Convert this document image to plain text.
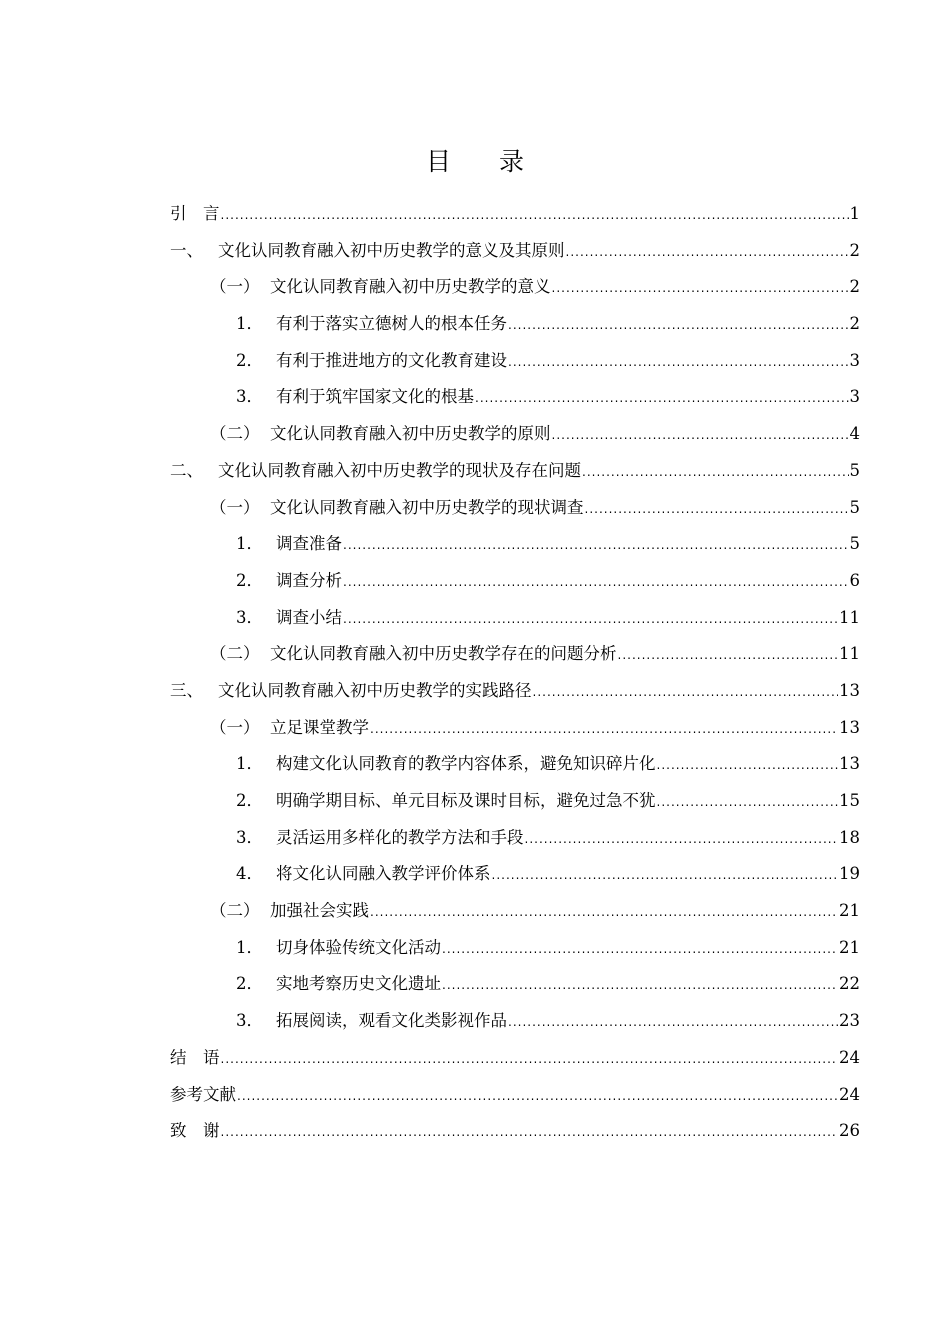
目录
引　言 .....	1
一、 文化认同教育融入初中历史教学的意义及其原则 .....	2
（一） 文化认同教育融入初中历史教学的意义 .....	2
1． 有利于落实立德树人的根本任务 .....	2
2． 有利于推进地方的文化教育建设 .....	3
3． 有利于筑牢国家文化的根基 .....	3
（二） 文化认同教育融入初中历史教学的原则 .....	4
二、 文化认同教育融入初中历史教学的现状及存在问题 .....	5
（一） 文化认同教育融入初中历史教学的现状调查 .....	5
1． 调查准备 .....	5
2． 调查分析 .....	6
3． 调查小结 .....	11
（二） 文化认同教育融入初中历史教学存在的问题分析 .....	11
三、 文化认同教育融入初中历史教学的实践路径 .....	13
（一） 立足课堂教学 .....	13
1． 构建文化认同教育的教学内容体系，避免知识碎片化 .....	13
2． 明确学期目标、单元目标及课时目标，避免过急不犹 .....	15
3． 灵活运用多样化的教学方法和手段 .....	18
4． 将文化认同融入教学评价体系 .....	19
（二） 加强社会实践 .....	21
1． 切身体验传统文化活动 .....	21
2． 实地考察历史文化遗址 .....	22
3． 拓展阅读，观看文化类影视作品 .....	23
结　语 .....	24
参考文献 .....	24
致　谢 .....	26
